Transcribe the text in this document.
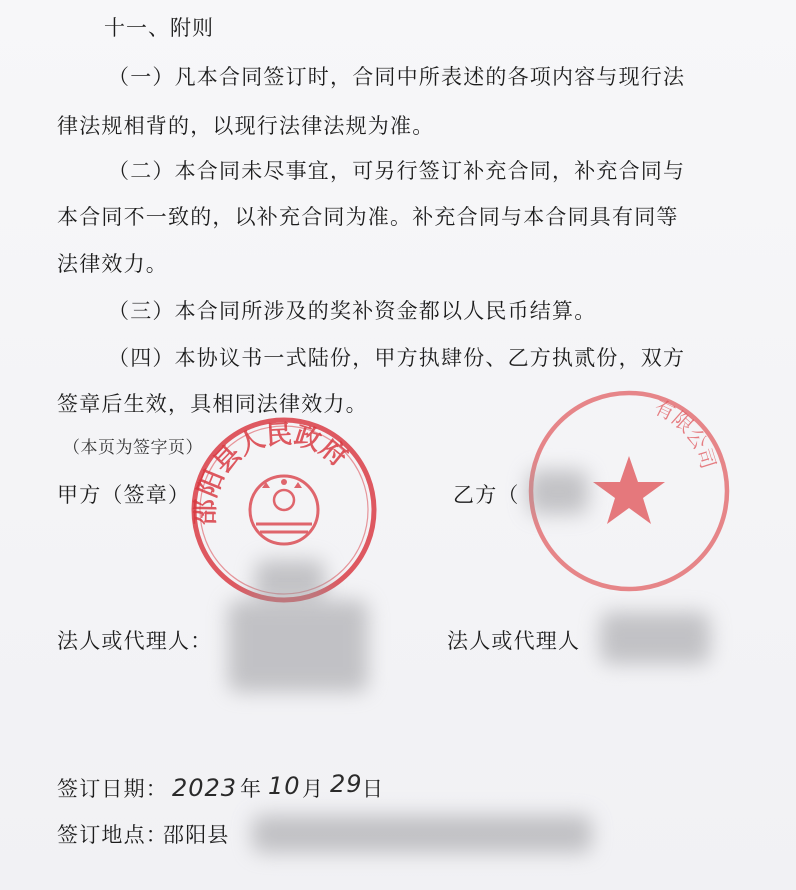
十一、附则
（一）凡本合同签订时，合同中所表述的各项内容与现行法
律法规相背的，以现行法律法规为准。
（二）本合同未尽事宜，可另行签订补充合同，补充合同与
本合同不一致的，以补充合同为准。补充合同与本合同具有同等
法律效力。
（三）本合同所涉及的奖补资金都以人民币结算。
（四）本协议书一式陆份，甲方执肆份、乙方执贰份，双方
签章后生效，具相同法律效力。
（本页为签字页）
邵阳县人民政府
有限公司
甲方（签章）	乙方（
法人或代理人：	法人或代理人
签订日期： 2023 年 10 月 29 日
签订地点：
邵阳县
